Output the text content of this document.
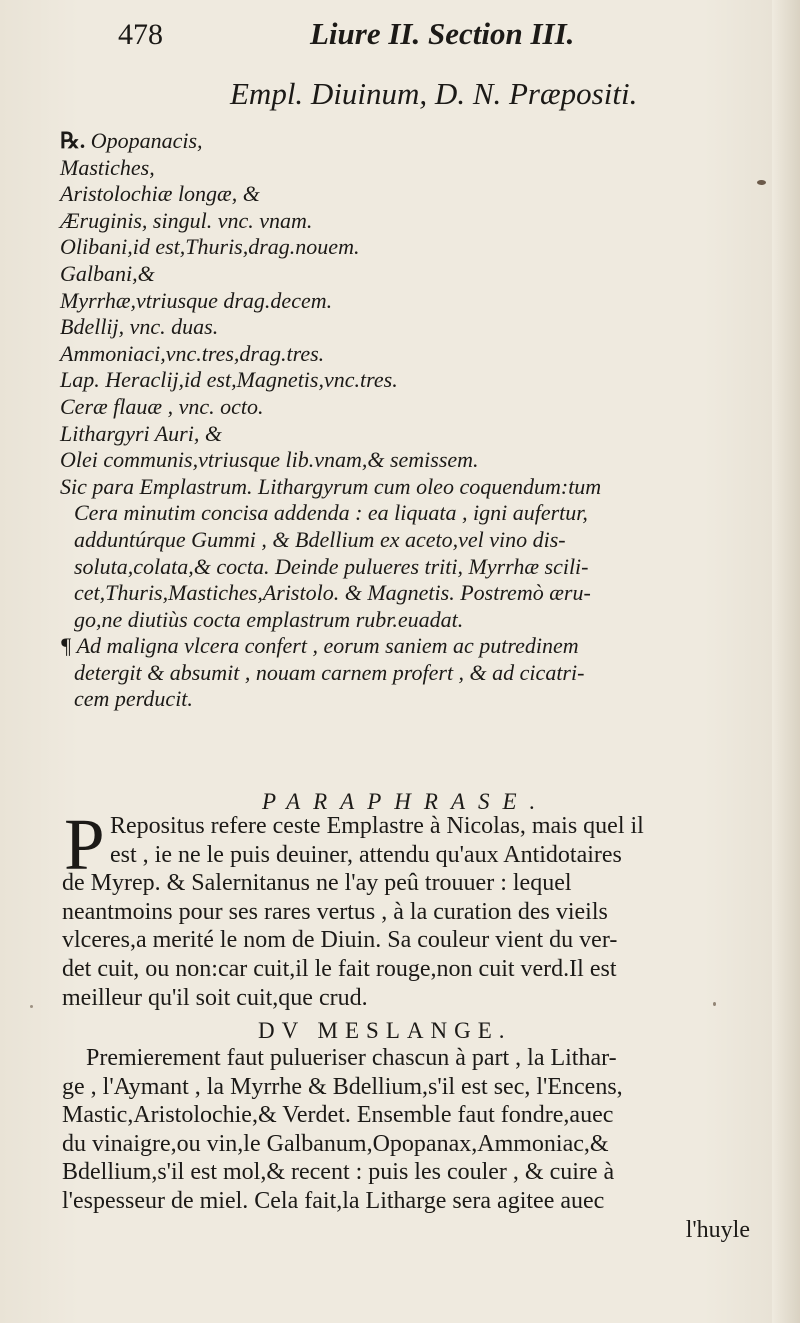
478	Liure II. Section III.
Empl. Diuinum, D. N. Præpositi.
℞. Opopanacis,
Mastiches,
Aristolochiæ longæ, &
Æruginis, singul. vnc. vnam.
Olibani,id est,Thuris,drag.nouem.
Galbani,&
Myrrhæ,vtriusque drag.decem.
Bdellij, vnc. duas.
Ammoniaci,vnc.tres,drag.tres.
Lap. Heraclij,id est,Magnetis,vnc.tres.
Ceræ flauæ , vnc. octo.
Lithargyri Auri, &
Olei communis,vtriusque lib.vnam,& semissem.
Sic para Emplastrum. Lithargyrum cum oleo coquendum:tum
Cera minutim concisa addenda : ea liquata , igni aufertur,
adduntúrque Gummi , & Bdellium ex aceto,vel vino dis-
soluta,colata,& cocta. Deinde pulueres triti, Myrrhæ scili-
cet,Thuris,Mastiches,Aristolo. & Magnetis. Postremò æru-
go,ne diutiùs cocta emplastrum rubr.euadat.
¶ Ad maligna vlcera confert , eorum saniem ac putredinem
detergit & absumit , nouam carnem profert , & ad cicatri-
cem perducit.
PARAPHRASE.
P Repositus refere ceste Emplastre à Nicolas, mais quel il
est , ie ne le puis deuiner, attendu qu'aux Antidotaires
de Myrep. & Salernitanus ne l'ay peû trouuer : lequel
neantmoins pour ses rares vertus , à la curation des vieils
vlceres,a merité le nom de Diuin. Sa couleur vient du ver-
det cuit, ou non:car cuit,il le fait rouge,non cuit verd.Il est
meilleur qu'il soit cuit,que crud.
DV MESLANGE.
Premierement faut pulueriser chascun à part , la Lithar-
ge , l'Aymant , la Myrrhe & Bdellium,s'il est sec, l'Encens,
Mastic,Aristolochie,& Verdet. Ensemble faut fondre,auec
du vinaigre,ou vin,le Galbanum,Opopanax,Ammoniac,&
Bdellium,s'il est mol,& recent : puis les couler , & cuire à
l'espesseur de miel. Cela fait,la Litharge sera agitee auec
l'huyle
